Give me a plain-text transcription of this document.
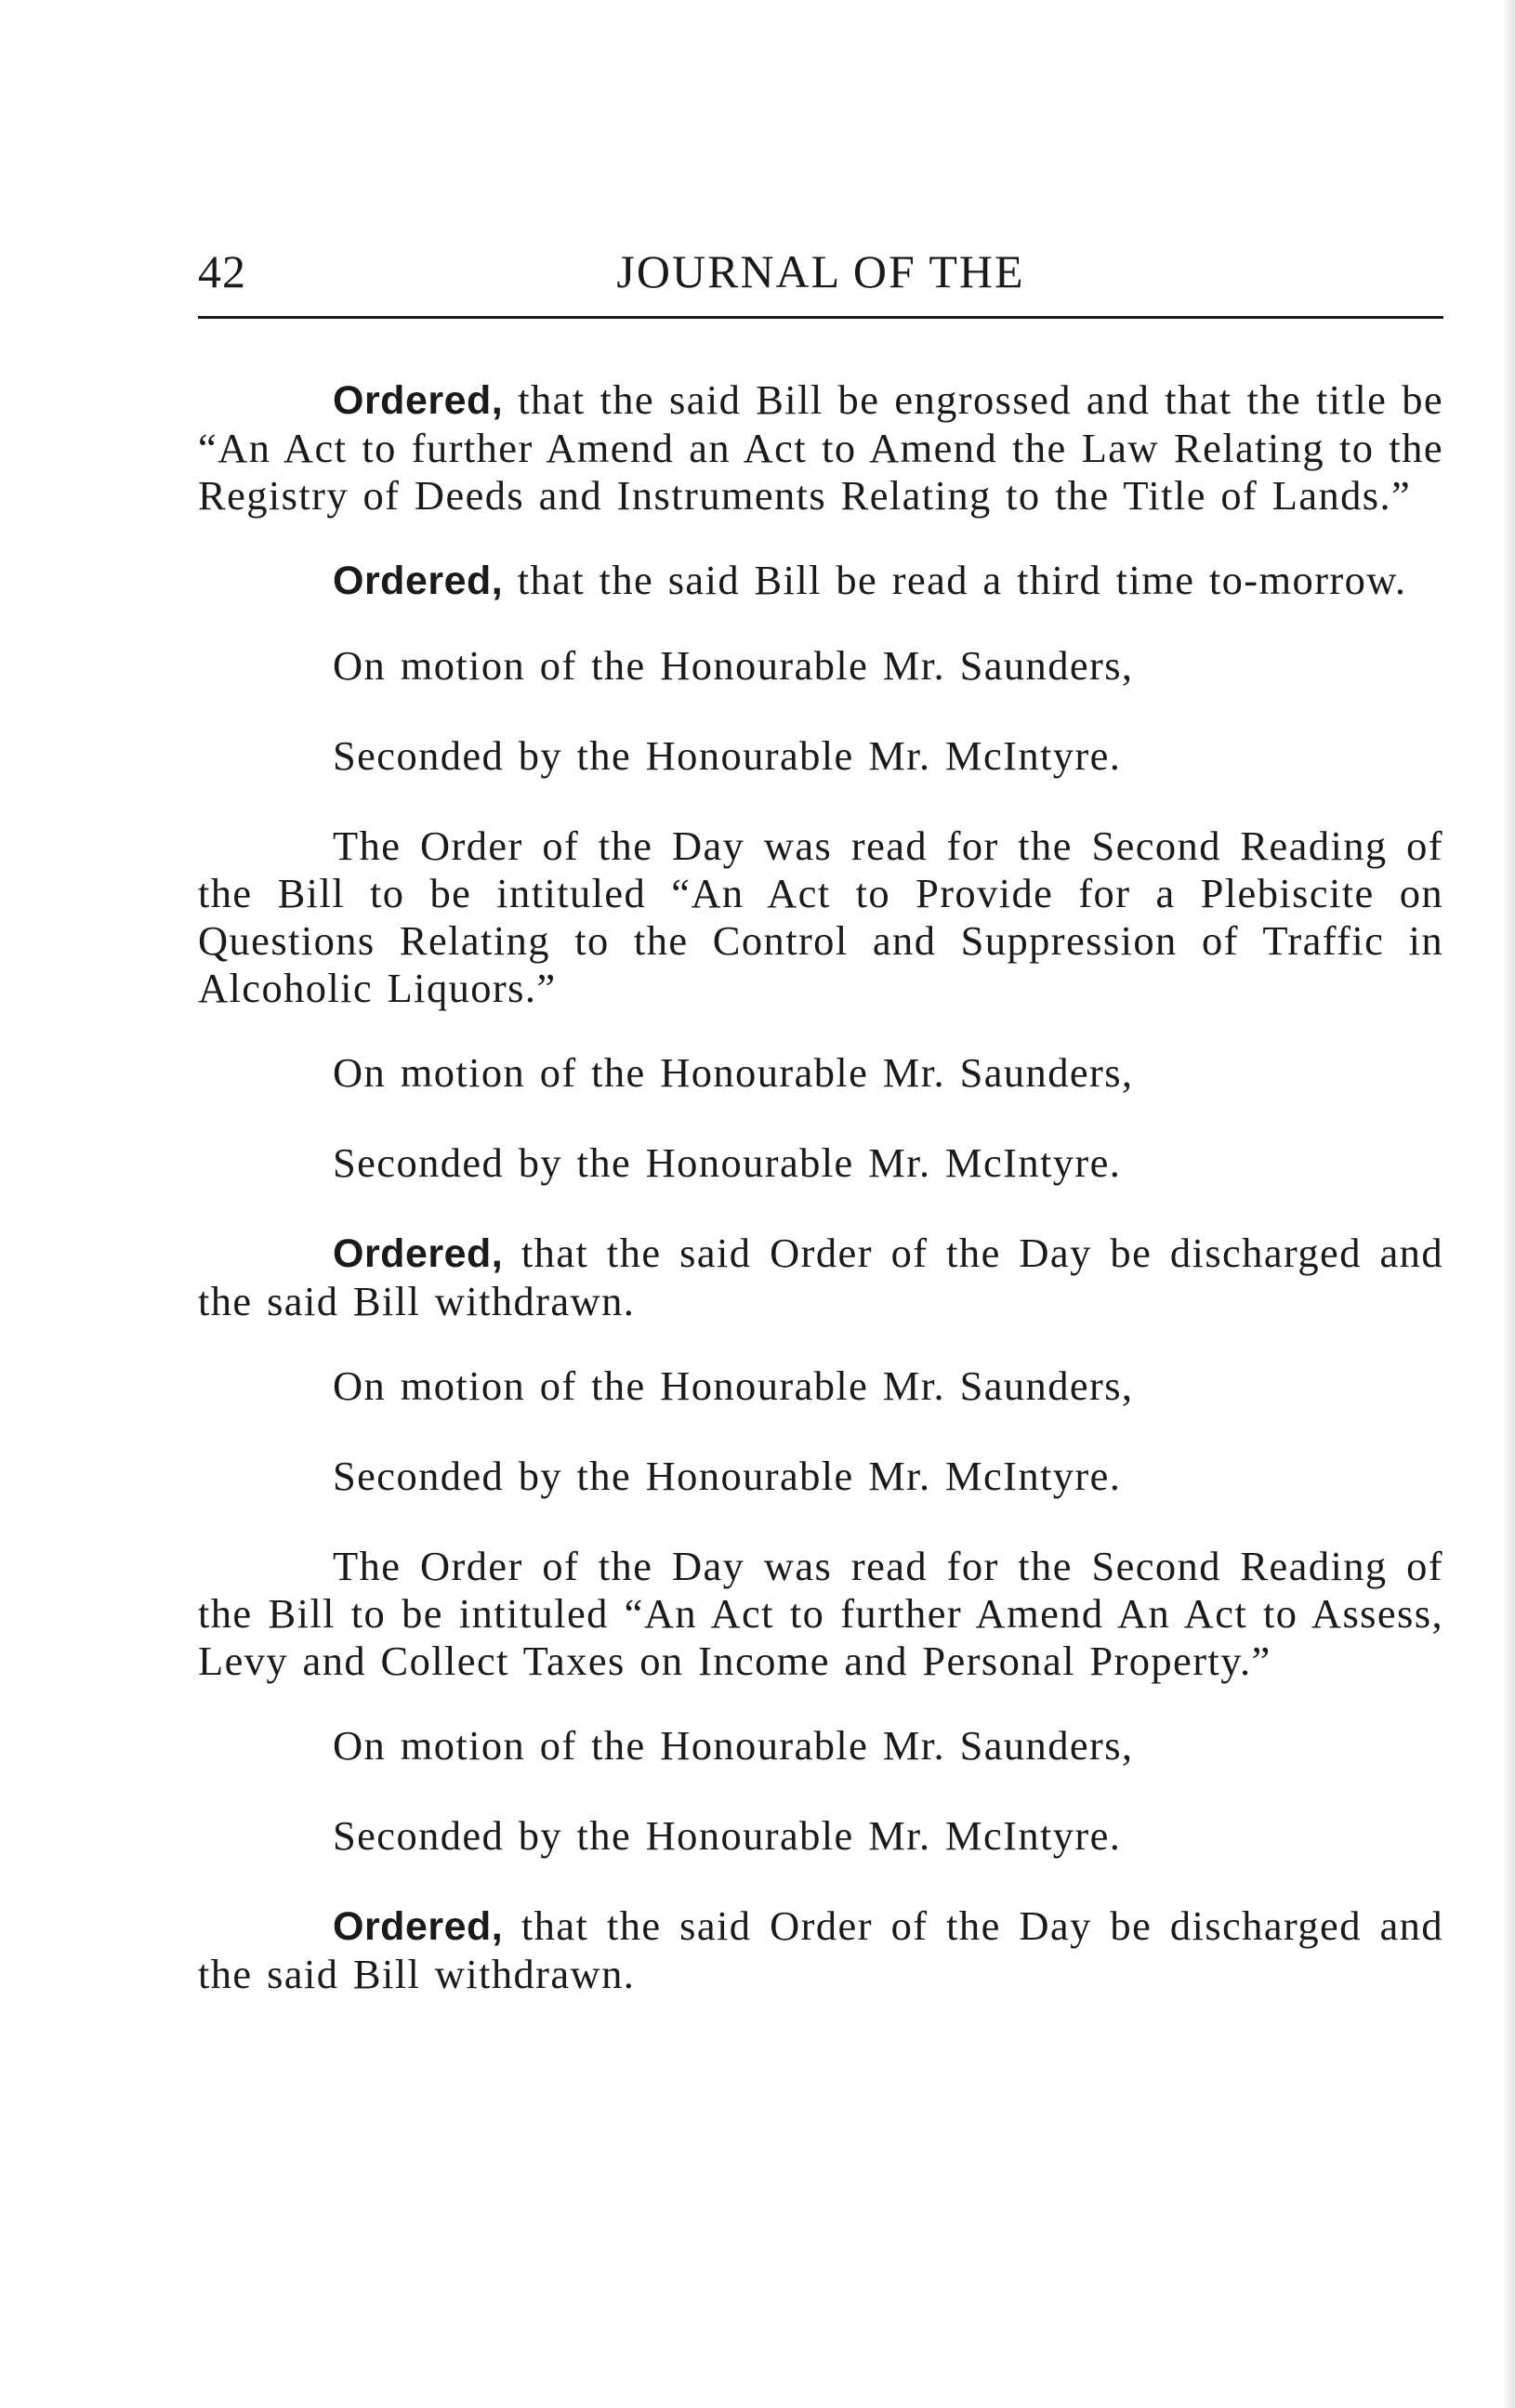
42	JOURNAL OF THE

Ordered, that the said Bill be engrossed and that the title be “An Act to further Amend an Act to Amend the Law Relating to the Registry of Deeds and Instruments Relating to the Title of Lands.”

Ordered, that the said Bill be read a third time to-morrow.

On motion of the Honourable Mr. Saunders,

Seconded by the Honourable Mr. McIntyre.

The Order of the Day was read for the Second Reading of the Bill to be intituled “An Act to Provide for a Plebiscite on Questions Relating to the Control and Suppression of Traffic in Alcoholic Liquors.”

On motion of the Honourable Mr. Saunders,

Seconded by the Honourable Mr. McIntyre.

Ordered, that the said Order of the Day be discharged and the said Bill withdrawn.

On motion of the Honourable Mr. Saunders,

Seconded by the Honourable Mr. McIntyre.

The Order of the Day was read for the Second Reading of the Bill to be intituled “An Act to further Amend An Act to Assess, Levy and Collect Taxes on Income and Personal Property.”

On motion of the Honourable Mr. Saunders,

Seconded by the Honourable Mr. McIntyre.

Ordered, that the said Order of the Day be discharged and the said Bill withdrawn.
